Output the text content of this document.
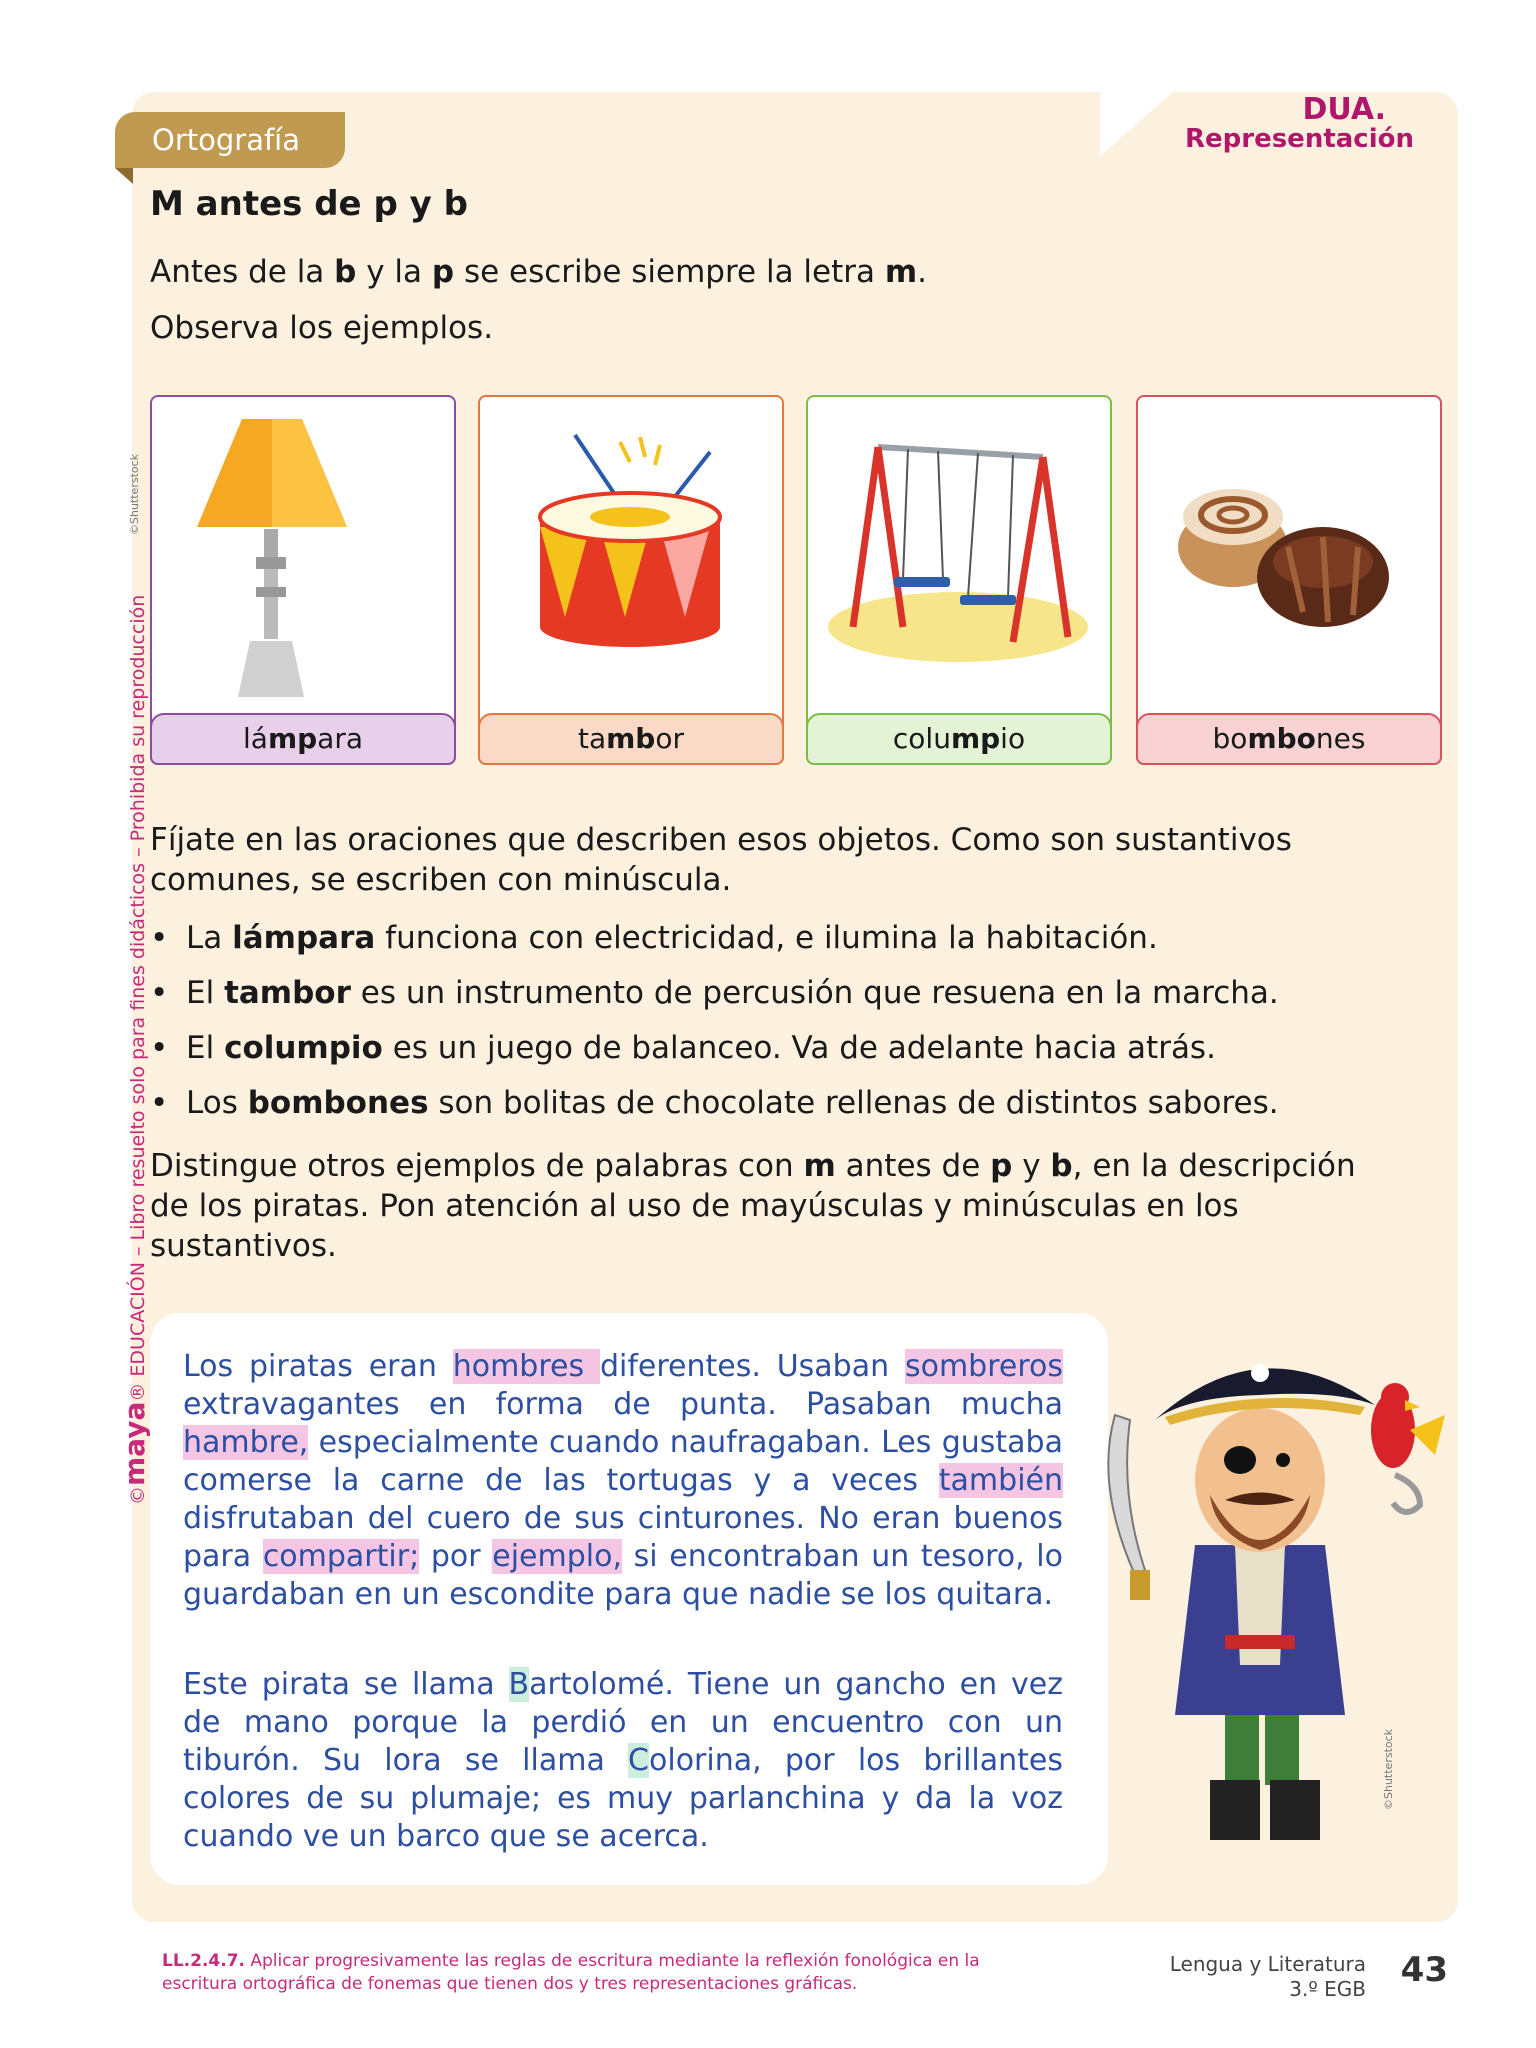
Ortografía
DUA.
Representación
M antes de p y b
Antes de la b y la p se escribe siempre la letra m.
Observa los ejemplos.
©Shutterstock
lámpara	tambor	columpio	bombones
Fíjate en las oraciones que describen esos objetos. Como son sustantivos
comunes, se escriben con minúscula.
• La lámpara funciona con electricidad, e ilumina la habitación.
• El tambor es un instrumento de percusión que resuena en la marcha.
• El columpio es un juego de balanceo. Va de adelante hacia atrás.
• Los bombones son bolitas de chocolate rellenas de distintos sabores.
Distingue otros ejemplos de palabras con m antes de p y b, en la descripción
de los piratas. Pon atención al uso de mayúsculas y minúsculas en los
sustantivos.
Los piratas eran hombres diferentes. Usaban sombreros extravagantes en forma de punta. Pasaban mucha hambre, especialmente cuando naufragaban. Les gustaba comerse la carne de las tortugas y a veces también disfrutaban del cuero de sus cinturones. No eran buenos para compartir; por ejemplo, si encontraban un tesoro, lo guardaban en un escondite para que nadie se los quitara.
Este pirata se llama Bartolomé. Tiene un gancho en vez de mano porque la perdió en un encuentro con un tiburón. Su lora se llama Colorina, por los brillantes colores de su plumaje; es muy parlanchina y da la voz cuando ve un barco que se acerca.
©Shutterstock
©maya® EDUCACIÓN – Libro resuelto solo para fines didácticos – Prohibida su reproducción
LL.2.4.7. Aplicar progresivamente las reglas de escritura mediante la reflexión fonológica en la escritura ortográfica de fonemas que tienen dos y tres representaciones gráficas.
Lengua y Literatura
3.º EGB 43
